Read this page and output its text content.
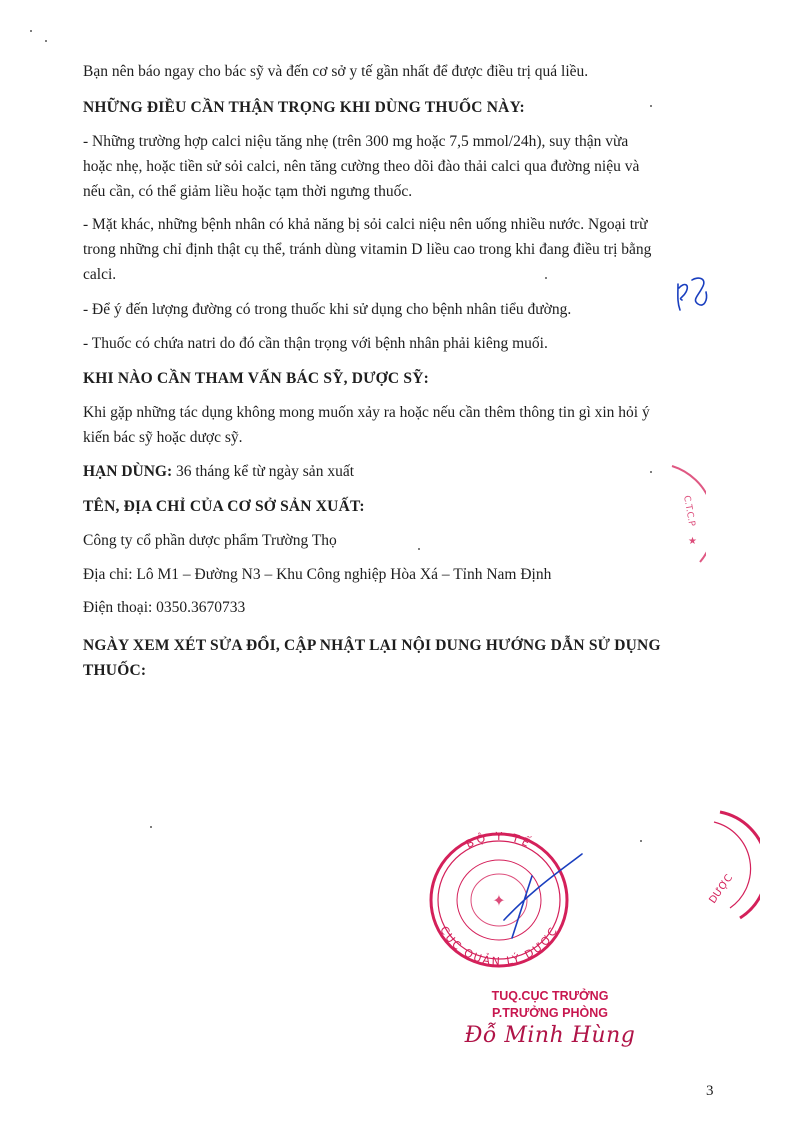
Bạn nên báo ngay cho bác sỹ và đến cơ sở y tế gần nhất để được điều trị quá liều.

NHỮNG ĐIỀU CẦN THẬN TRỌNG KHI DÙNG THUỐC NÀY:

- Những trường hợp calci niệu tăng nhẹ (trên 300 mg hoặc 7,5 mmol/24h), suy thận vừa

hoặc nhẹ, hoặc tiền sử sỏi calci, nên tăng cường theo dõi đào thải calci qua đường niệu và

nếu cần, có thể giảm liều hoặc tạm thời ngưng thuốc.

- Mặt khác, những bệnh nhân có khả năng bị sỏi calci niệu nên uống nhiều nước. Ngoại trừ

trong những chỉ định thật cụ thể, tránh dùng vitamin D liều cao trong khi đang điều trị bằng

calci.

- Để ý đến lượng đường có trong thuốc khi sử dụng cho bệnh nhân tiểu đường.

- Thuốc có chứa natri do đó cần thận trọng với bệnh nhân phải kiêng muối.

KHI NÀO CẦN THAM VẤN BÁC SỸ, DƯỢC SỸ:

Khi gặp những tác dụng không mong muốn xảy ra hoặc nếu cần thêm thông tin gì xin hỏi ý

kiến bác sỹ hoặc dược sỹ.

HẠN DÙNG: 36 tháng kể từ ngày sản xuất

TÊN, ĐỊA CHỈ CỦA CƠ SỞ SẢN XUẤT:

Công ty cổ phần dược phẩm Trường Thọ

Địa chỉ: Lô M1 – Đường N3 – Khu Công nghiệp Hòa Xá – Tỉnh Nam Định

Điện thoại: 0350.3670733

NGÀY XEM XÉT SỬA ĐỔI, CẬP NHẬT LẠI NỘI DUNG HƯỚNG DẪN SỬ DỤNG

THUỐC:

C.T.C.P
★
BỘ Y TẾ
CỤC QUẢN LÝ DƯỢC
✦	DƯỢC
TUQ.CỤC TRƯỞNG
P.TRƯỞNG PHÒNG
Đỗ Minh Hùng
3
